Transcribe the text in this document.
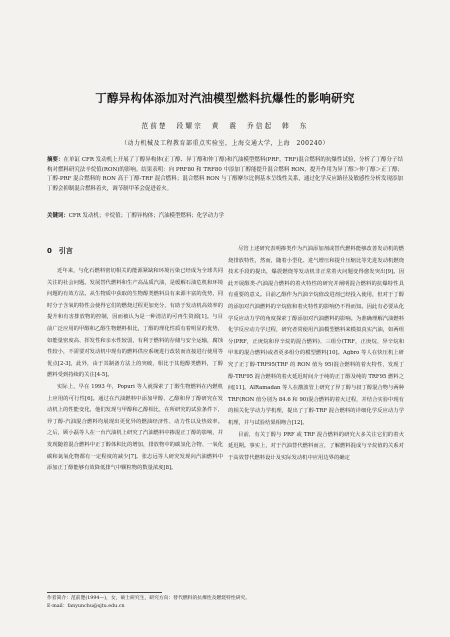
丁醇异构体添加对汽油模型燃料抗爆性的影响研究
范前楚　段耀宗　黄　震　乔信起　韩　东
（动力机械及工程教育部重点实验室，上海交通大学，上海　200240）
摘要：在单缸 CFR 发动机上开展了丁醇异构体(正丁醇、异丁醇和仲丁醇)和汽油模型燃料(PRF，TRF)混合燃料的抗爆性试验，分析了丁醇分子结构对燃料研究法辛烷值(RON)的影响。结果表明：向 PRF80 和 TRF80 中添加丁醇能提升混合燃料 RON，提升作用为异丁醇＞仲丁醇＞正丁醇；丁醇-PRF 混合燃料的 RON 高于丁醇-TRF 混合燃料；混合燃料 RON 与丁醇摩尔比例基本呈线性关系，通过化学反应路径及敏感性分析发现添加丁醇会抑制混合燃料着火，调节制甲苯会促进着火。
关键词：CFR 发动机；辛烷值；丁醇异构体；汽油模型燃料；化学动力学
0　引言

近年来，与化石燃料密切相关的能源紧缺和环境污染已经成为全球共同关注的社会问题。发展替代燃料和生产高品质汽油，是缓解石油危机和环境问题的有效方法。从生物质中获取的生物醇类燃料具有来源丰富的优势，同时分子含氧的特性会使得它们的燃烧过程更加充分，有助于发动机高效率的提升和有害排放物的控制，因而被认为是一种清洁的可再生资源[1]。与目前广泛应用的甲醇和乙醇生物燃料相比，丁醇的理化性质有着明显的优势，如能量密度高、挥发性和亲水性较弱，有利于燃料的存储与安全运输，腐蚀性较小，不需要对发动机中现有的燃料供应系统进行改装而直接进行使用等优点[2-3]，此外，由于其制备方法上的突破，相比于其他醇类燃料，丁醇燃料受到持续的关注[4-5]。

实际上，早在 1993 年，Popuri 等人就探索了丁醇生物燃料在内燃机上应用的可行性[6]。通过在汽油燃料中添加甲醇、乙醇和异丁醇研究在发动机上的性能变化，他们发现与甲醇和乙醇相比，在所研究的试验条件下，异丁醇-汽油混合燃料均展现出更优异的燃油经济性、动力性以及热效率。之后，顾小磊等人在一台汽油机上研究了汽油燃料中掺混正丁醇的影响，并发现随着混合燃料中正丁醇体积比的增加，排放物中的碳氢化合物、一氧化碳和氮氧化物都有一定程度的减少[7]。张志远等人研究发现向汽油燃料中添加正丁醇能够有效降低排气中颗粒物的数量浓度[8]。

尽管上述研究表明掺类作为汽油添加剂或替代燃料能够改善发动机的燃烧排放特性，然而，随着小型化、进气增压和提升压缩比等先进发动机燃烧技术手段的提出，爆震燃烧等发动机非正常着火问题变得愈发突出[9]。因此开展醇类-汽油混合燃料的着火特性的研究并阐明混合燃料的抗爆特性具有重要的意义。目前乙醇作为汽油辛烷值改进剂已经投入使用，但对于丁醇的添加对汽油燃料的辛烷值和着火特性的影响仍不得而知。因此有必要从化学反应动力学的角度探索丁醇添加对汽油燃料的影响。为准确理解汽油燃料化学反应动力学过程，研究者常使用汽油模型燃料来模拟真实汽油，如两组分(PRF，正庚烷和异辛烷的混合燃料)、三组分(TRF，正庚烷、异辛烷和甲苯的混合燃料)或者更多组分的模型燃料[10]。Agbro 等人在快压机上研究了正丁醇-TRF95(TRF 的 RON 值为 95)混合燃料的着火特性，发现丁醇-TRF95 混合燃料的着火延迟时间介于纯的正丁醇及纯的 TRF95 燃料之间[11]。AlRamadan 等人在激波管上研究了异丁醇与叔丁醇混合物与两种 TRF(RON 值分别为 84.6 和 90)混合燃料的着火过程，并结合实验中现有的相关化学动力学机理，提出了丁醇-TRF 混合燃料的详细化学反应动力学机理，并与试验结果相吻合[12]。

目前，有关丁醇与 PRF 或 TRF 混合燃料的研究大多关注它们的着火延迟期。事实上，对于汽油替代燃料而言，了解燃料混成与辛烷值的关系对于高效替代燃料设计及实际发动机中应用边界的确定

作者简介：范前楚(1994—)，女，硕士研究生，研究方向：替代燃料的抗爆性及燃烧特性研究。
E-mail：fanyunchu@sjtu.edu.cn
